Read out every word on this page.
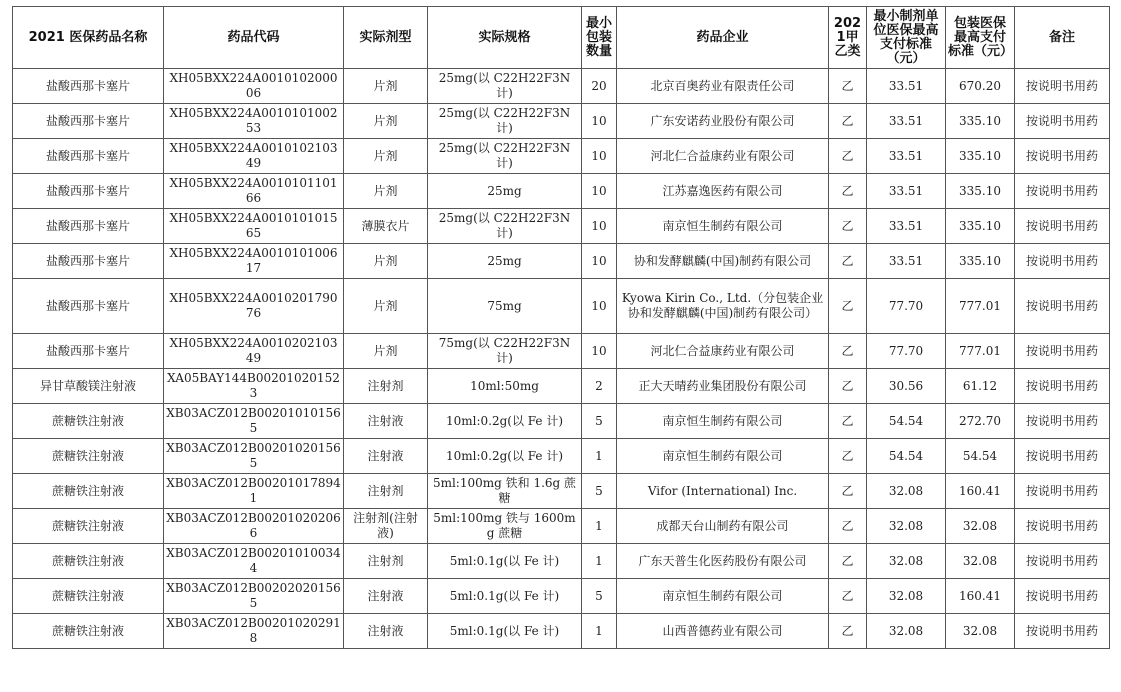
2021 医保药品名称	药品代码	实际剂型	实际规格	最小包装数量	药品企业	2021甲乙类	最小制剂单位医保最高支付标准（元）	包装医保最高支付标准（元）	备注
盐酸西那卡塞片	XH05BXX224A001010200006	片剂	25mg(以 C22H22F3N 计)	20	北京百奥药业有限责任公司	乙	33.51	670.20	按说明书用药
盐酸西那卡塞片	XH05BXX224A001010100253	片剂	25mg(以 C22H22F3N 计)	10	广东安诺药业股份有限公司	乙	33.51	335.10	按说明书用药
盐酸西那卡塞片	XH05BXX224A001010210349	片剂	25mg(以 C22H22F3N 计)	10	河北仁合益康药业有限公司	乙	33.51	335.10	按说明书用药
盐酸西那卡塞片	XH05BXX224A001010110166	片剂	25mg	10	江苏嘉逸医药有限公司	乙	33.51	335.10	按说明书用药
盐酸西那卡塞片	XH05BXX224A001010101565	薄膜衣片	25mg(以 C22H22F3N 计)	10	南京恒生制药有限公司	乙	33.51	335.10	按说明书用药
盐酸西那卡塞片	XH05BXX224A001010100617	片剂	25mg	10	协和发酵麒麟(中国)制药有限公司	乙	33.51	335.10	按说明书用药
盐酸西那卡塞片	XH05BXX224A001020179076	片剂	75mg	10	Kyowa Kirin Co., Ltd.（分包装企业协和发酵麒麟(中国)制药有限公司）	乙	77.70	777.01	按说明书用药
盐酸西那卡塞片	XH05BXX224A001020210349	片剂	75mg(以 C22H22F3N 计)	10	河北仁合益康药业有限公司	乙	77.70	777.01	按说明书用药
异甘草酸镁注射液	XA05BAY144B002010201523	注射剂	10ml:50mg	2	正大天晴药业集团股份有限公司	乙	30.56	61.12	按说明书用药
蔗糖铁注射液	XB03ACZ012B002010101565	注射液	10ml:0.2g(以 Fe 计)	5	南京恒生制药有限公司	乙	54.54	272.70	按说明书用药
蔗糖铁注射液	XB03ACZ012B002010201565	注射液	10ml:0.2g(以 Fe 计)	1	南京恒生制药有限公司	乙	54.54	54.54	按说明书用药
蔗糖铁注射液	XB03ACZ012B002010178941	注射剂	5ml:100mg 铁和 1.6g 蔗糖	5	Vifor (International) Inc.	乙	32.08	160.41	按说明书用药
蔗糖铁注射液	XB03ACZ012B002010202066	注射剂(注射液)	5ml:100mg 铁与 1600mg 蔗糖	1	成都天台山制药有限公司	乙	32.08	32.08	按说明书用药
蔗糖铁注射液	XB03ACZ012B002010100344	注射剂	5ml:0.1g(以 Fe 计)	1	广东天普生化医药股份有限公司	乙	32.08	32.08	按说明书用药
蔗糖铁注射液	XB03ACZ012B002020201565	注射液	5ml:0.1g(以 Fe 计)	5	南京恒生制药有限公司	乙	32.08	160.41	按说明书用药
蔗糖铁注射液	XB03ACZ012B002010202918	注射液	5ml:0.1g(以 Fe 计)	1	山西普德药业有限公司	乙	32.08	32.08	按说明书用药
